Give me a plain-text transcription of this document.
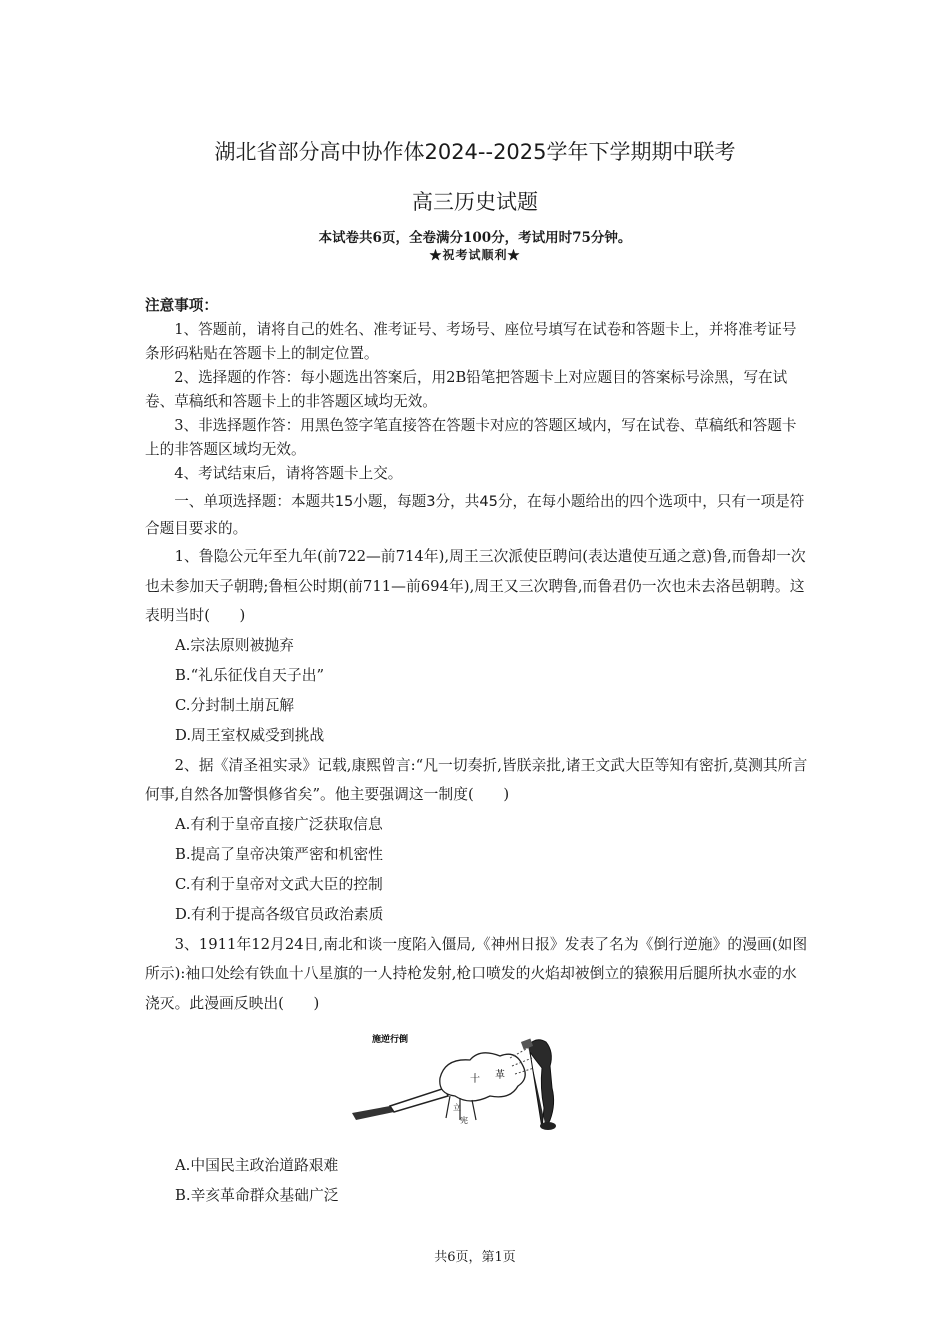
湖北省部分高中协作体2024--2025学年下学期期中联考
高三历史试题
本试卷共6页，全卷满分100分，考试用时75分钟。
★祝考试顺利★
注意事项：

1、答题前，请将自己的姓名、准考证号、考场号、座位号填写在试卷和答题卡上，并将准考证号条形码粘贴在答题卡上的制定位置。

2、选择题的作答：每小题选出答案后，用2B铅笔把答题卡上对应题目的答案标号涂黑，写在试卷、草稿纸和答题卡上的非答题区域均无效。

3、非选择题作答：用黑色签字笔直接答在答题卡对应的答题区域内，写在试卷、草稿纸和答题卡上的非答题区域均无效。

4、考试结束后，请将答题卡上交。

一、单项选择题：本题共15小题，每题3分，共45分，在每小题给出的四个选项中，只有一项是符合题目要求的。

1、鲁隐公元年至九年(前722—前714年),周王三次派使臣聘问(表达遣使互通之意)鲁,而鲁却一次也未参加天子朝聘;鲁桓公时期(前711—前694年),周王又三次聘鲁,而鲁君仍一次也未去洛邑朝聘。这表明当时(　　)

A.宗法原则被抛弃
B.“礼乐征伐自天子出”
C.分封制土崩瓦解
D.周王室权威受到挑战

2、据《清圣祖实录》记载,康熙曾言:“凡一切奏折,皆朕亲批,诸王文武大臣等知有密折,莫测其所言何事,自然各加警惧修省矣”。他主要强调这一制度(　　)

A.有利于皇帝直接广泛获取信息
B.提高了皇帝决策严密和机密性
C.有利于皇帝对文武大臣的控制
D.有利于提高各级官员政治素质

3、1911年12月24日,南北和谈一度陷入僵局,《神州日报》发表了名为《倒行逆施》的漫画(如图所示):袖口处绘有铁血十八星旗的一人持枪发射,枪口喷发的火焰却被倒立的猿猴用后腿所执水壶的水浇灭。此漫画反映出(　　)

施逆行倒
十 革
立
宪
A.中国民主政治道路艰难
B.辛亥革命群众基础广泛
共6页，第1页
